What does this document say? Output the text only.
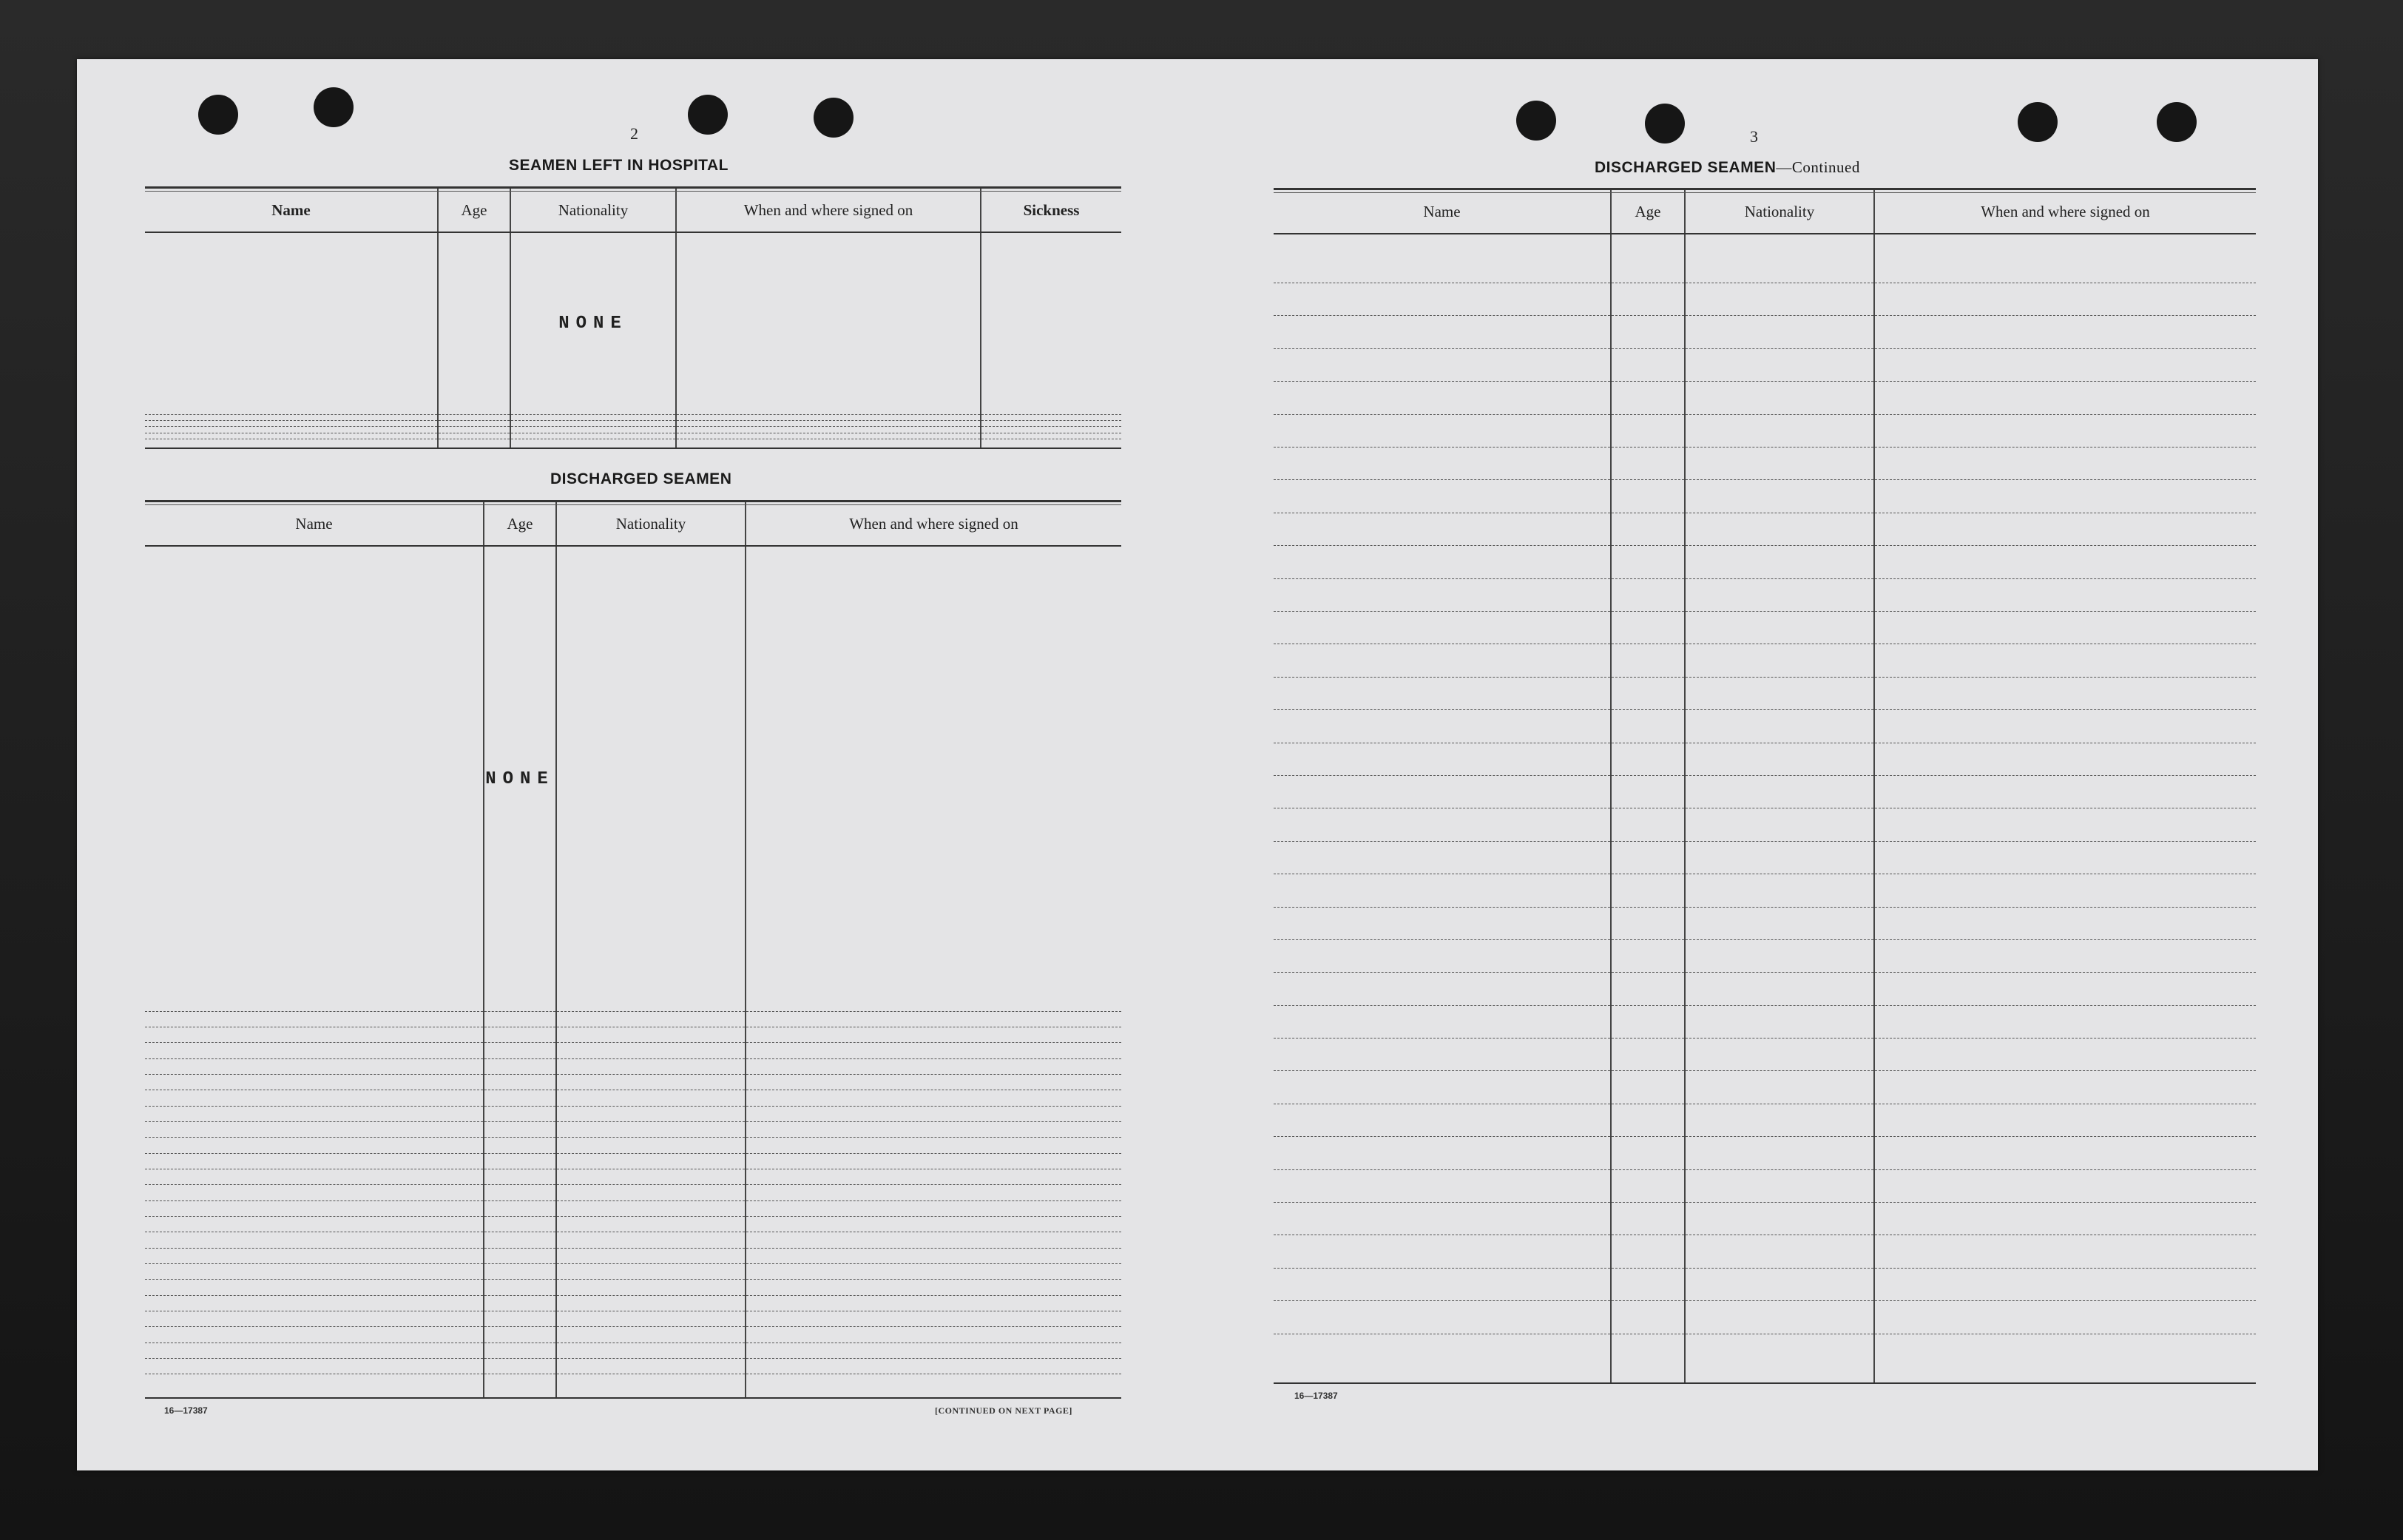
2
SEAMEN LEFT IN HOSPITAL
Name	Age	Nationality	When and where signed on	Sickness
		NONE		

DISCHARGED SEAMEN
Name	Age	Nationality	When and where signed on
	NONE		

16—17387	[CONTINUED ON NEXT PAGE]
3
DISCHARGED SEAMEN—Continued
Name	Age	Nationality	When and where signed on

16—17387
